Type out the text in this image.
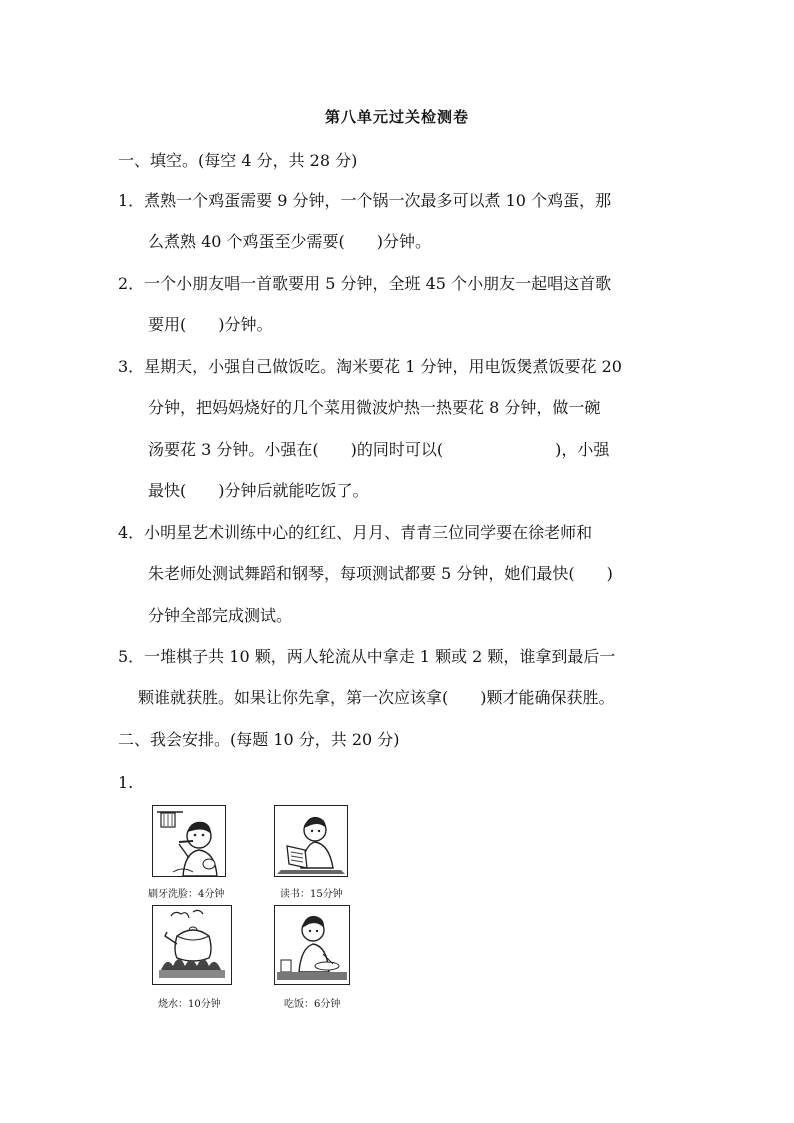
第八单元过关检测卷
一、填空。(每空 4 分，共 28 分)
1．煮熟一个鸡蛋需要 9 分钟，一个锅一次最多可以煮 10 个鸡蛋，那
么煮熟 40 个鸡蛋至少需要(　　)分钟。
2．一个小朋友唱一首歌要用 5 分钟，全班 45 个小朋友一起唱这首歌
要用(　　)分钟。
3．星期天，小强自己做饭吃。淘米要花 1 分钟，用电饭煲煮饭要花 20
分钟，把妈妈烧好的几个菜用微波炉热一热要花 8 分钟，做一碗
汤要花 3 分钟。小强在(　　)的同时可以(　　　　　　　)，小强
最快(　　)分钟后就能吃饭了。
4．小明星艺术训练中心的红红、月月、青青三位同学要在徐老师和
朱老师处测试舞蹈和钢琴，每项测试都要 5 分钟，她们最快(　　)
分钟全部完成测试。
5．一堆棋子共 10 颗，两人轮流从中拿走 1 颗或 2 颗，谁拿到最后一
颗谁就获胜。如果让你先拿，第一次应该拿(　　)颗才能确保获胜。
二、我会安排。(每题 10 分，共 20 分)
1.
刷牙洗脸：4分钟	读书：15分钟
烧水：10分钟	吃饭：6分钟
